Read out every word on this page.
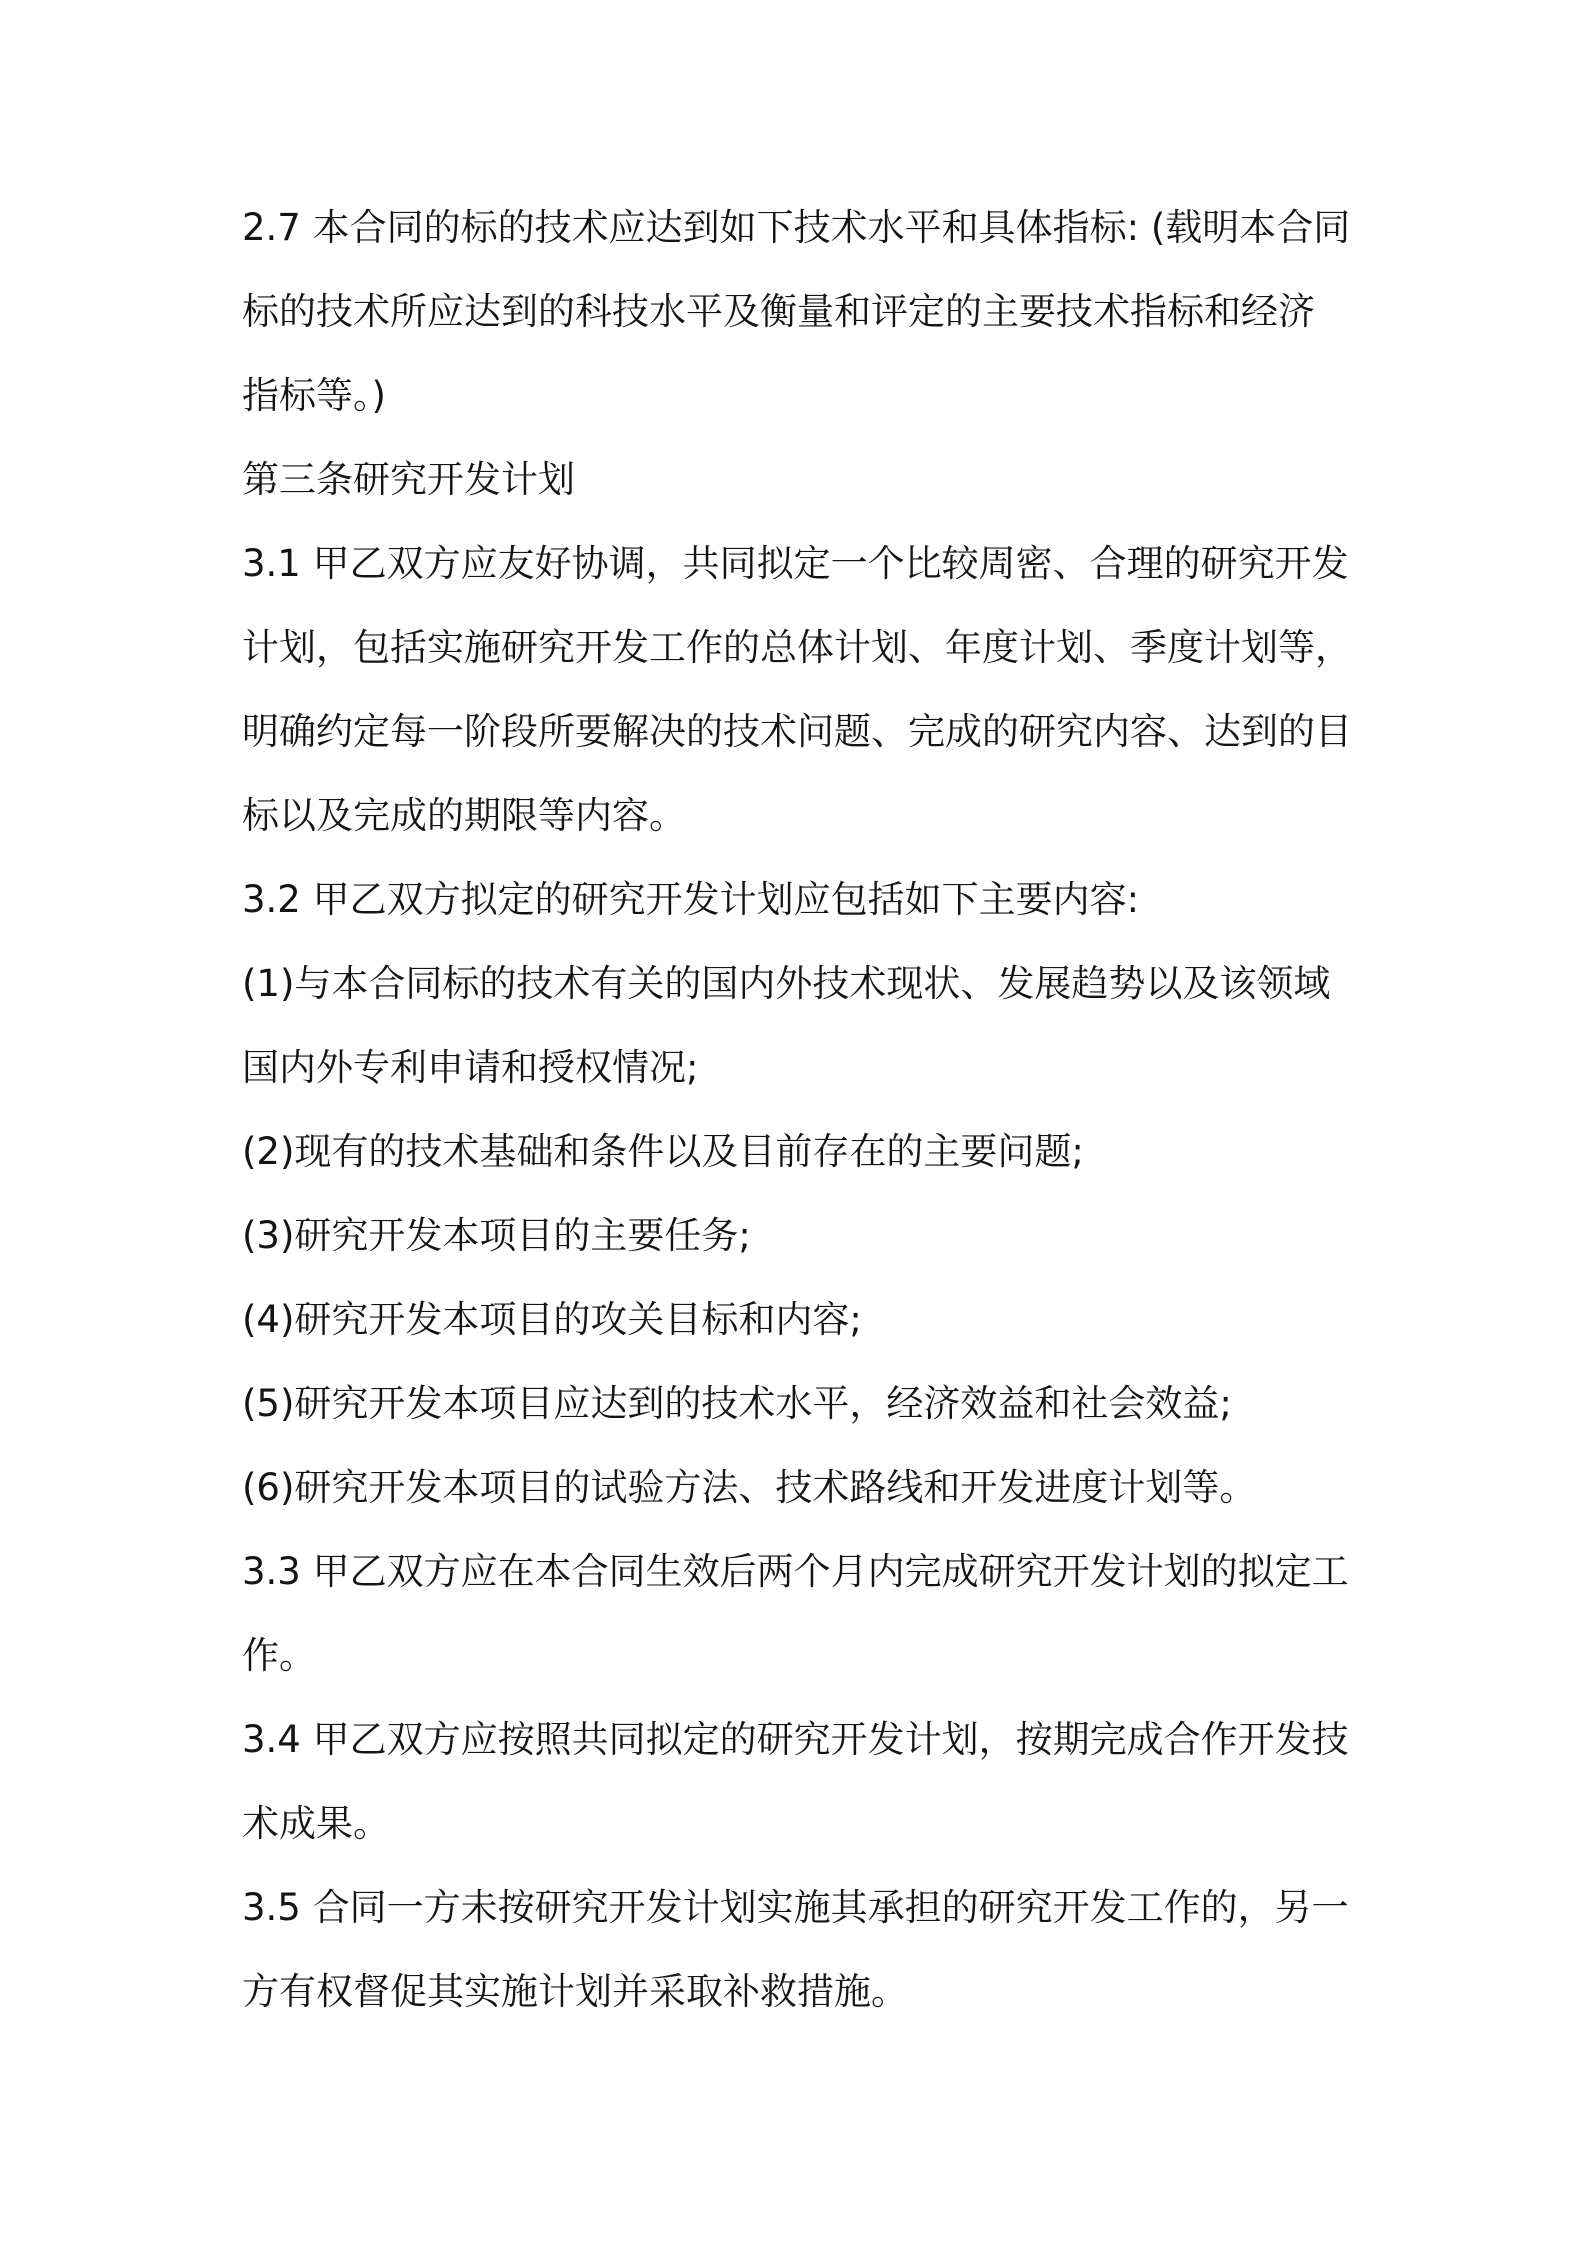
2.7 本合同的标的技术应达到如下技术水平和具体指标: (载明本合同
标的技术所应达到的科技水平及衡量和评定的主要技术指标和经济
指标等。)
第三条研究开发计划
3.1 甲乙双方应友好协调，共同拟定一个比较周密、合理的研究开发
计划，包括实施研究开发工作的总体计划、年度计划、季度计划等，
明确约定每一阶段所要解决的技术问题、完成的研究内容、达到的目
标以及完成的期限等内容。
3.2 甲乙双方拟定的研究开发计划应包括如下主要内容:
(1)与本合同标的技术有关的国内外技术现状、发展趋势以及该领域
国内外专利申请和授权情况;
(2)现有的技术基础和条件以及目前存在的主要问题;
(3)研究开发本项目的主要任务;
(4)研究开发本项目的攻关目标和内容;
(5)研究开发本项目应达到的技术水平，经济效益和社会效益;
(6)研究开发本项目的试验方法、技术路线和开发进度计划等。
3.3 甲乙双方应在本合同生效后两个月内完成研究开发计划的拟定工
作。
3.4 甲乙双方应按照共同拟定的研究开发计划，按期完成合作开发技
术成果。
3.5 合同一方未按研究开发计划实施其承担的研究开发工作的，另一
方有权督促其实施计划并采取补救措施。
